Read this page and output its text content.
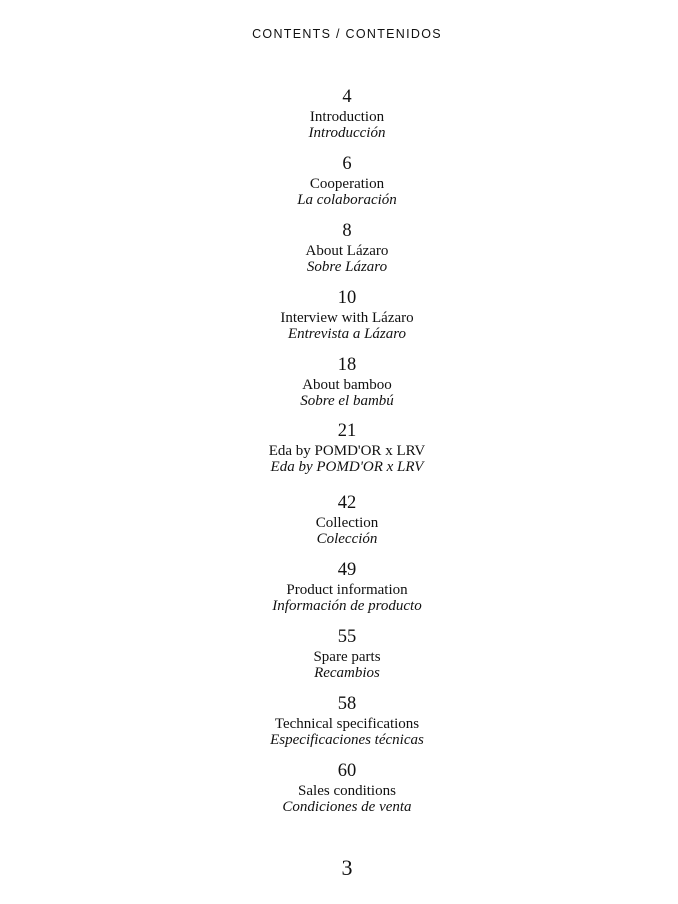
CONTENTS / CONTENIDOS
4
Introduction
Introducción
6
Cooperation
La colaboración
8
About Lázaro
Sobre Lázaro
10
Interview with Lázaro
Entrevista a Lázaro
18
About bamboo
Sobre el bambú
21
Eda by POMD'OR x LRV
Eda by POMD'OR x LRV
42
Collection
Colección
49
Product information
Información de producto
55
Spare parts
Recambios
58
Technical specifications
Especificaciones técnicas
60
Sales conditions
Condiciones de venta
3
